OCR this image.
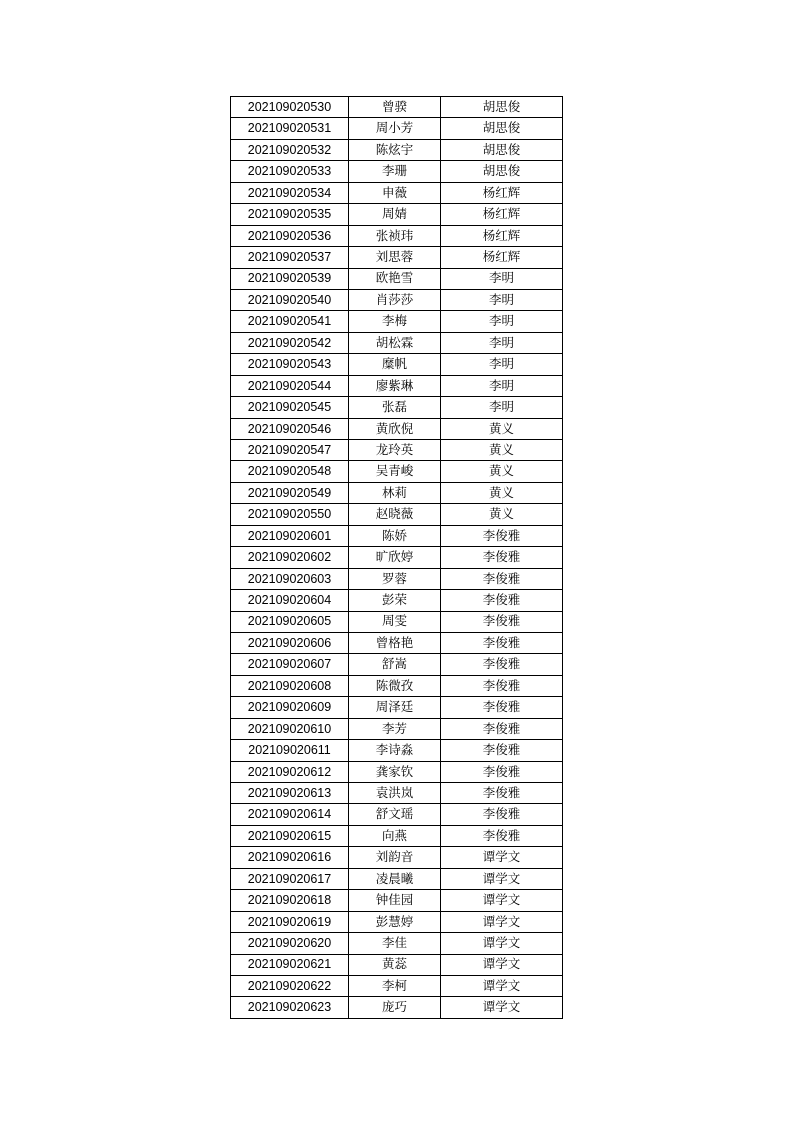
202109020530	曾骙	胡思俊
202109020531	周小芳	胡思俊
202109020532	陈炫宇	胡思俊
202109020533	李珊	胡思俊
202109020534	申薇	杨红辉
202109020535	周婧	杨红辉
202109020536	张祯玮	杨红辉
202109020537	刘思蓉	杨红辉
202109020539	欧艳雪	李明
202109020540	肖莎莎	李明
202109020541	李梅	李明
202109020542	胡松霖	李明
202109020543	糜帆	李明
202109020544	廖紫琳	李明
202109020545	张磊	李明
202109020546	黄欣倪	黄义
202109020547	龙玲英	黄义
202109020548	吴青峻	黄义
202109020549	林莉	黄义
202109020550	赵晓薇	黄义
202109020601	陈娇	李俊雅
202109020602	旷欣婷	李俊雅
202109020603	罗蓉	李俊雅
202109020604	彭荣	李俊雅
202109020605	周雯	李俊雅
202109020606	曾格艳	李俊雅
202109020607	舒嵩	李俊雅
202109020608	陈微孜	李俊雅
202109020609	周泽廷	李俊雅
202109020610	李芳	李俊雅
202109020611	李诗淼	李俊雅
202109020612	龚家钦	李俊雅
202109020613	袁洪岚	李俊雅
202109020614	舒文瑶	李俊雅
202109020615	向燕	李俊雅
202109020616	刘韵音	谭学文
202109020617	凌晨曦	谭学文
202109020618	钟佳园	谭学文
202109020619	彭慧婷	谭学文
202109020620	李佳	谭学文
202109020621	黄蕊	谭学文
202109020622	李柯	谭学文
202109020623	庞巧	谭学文
